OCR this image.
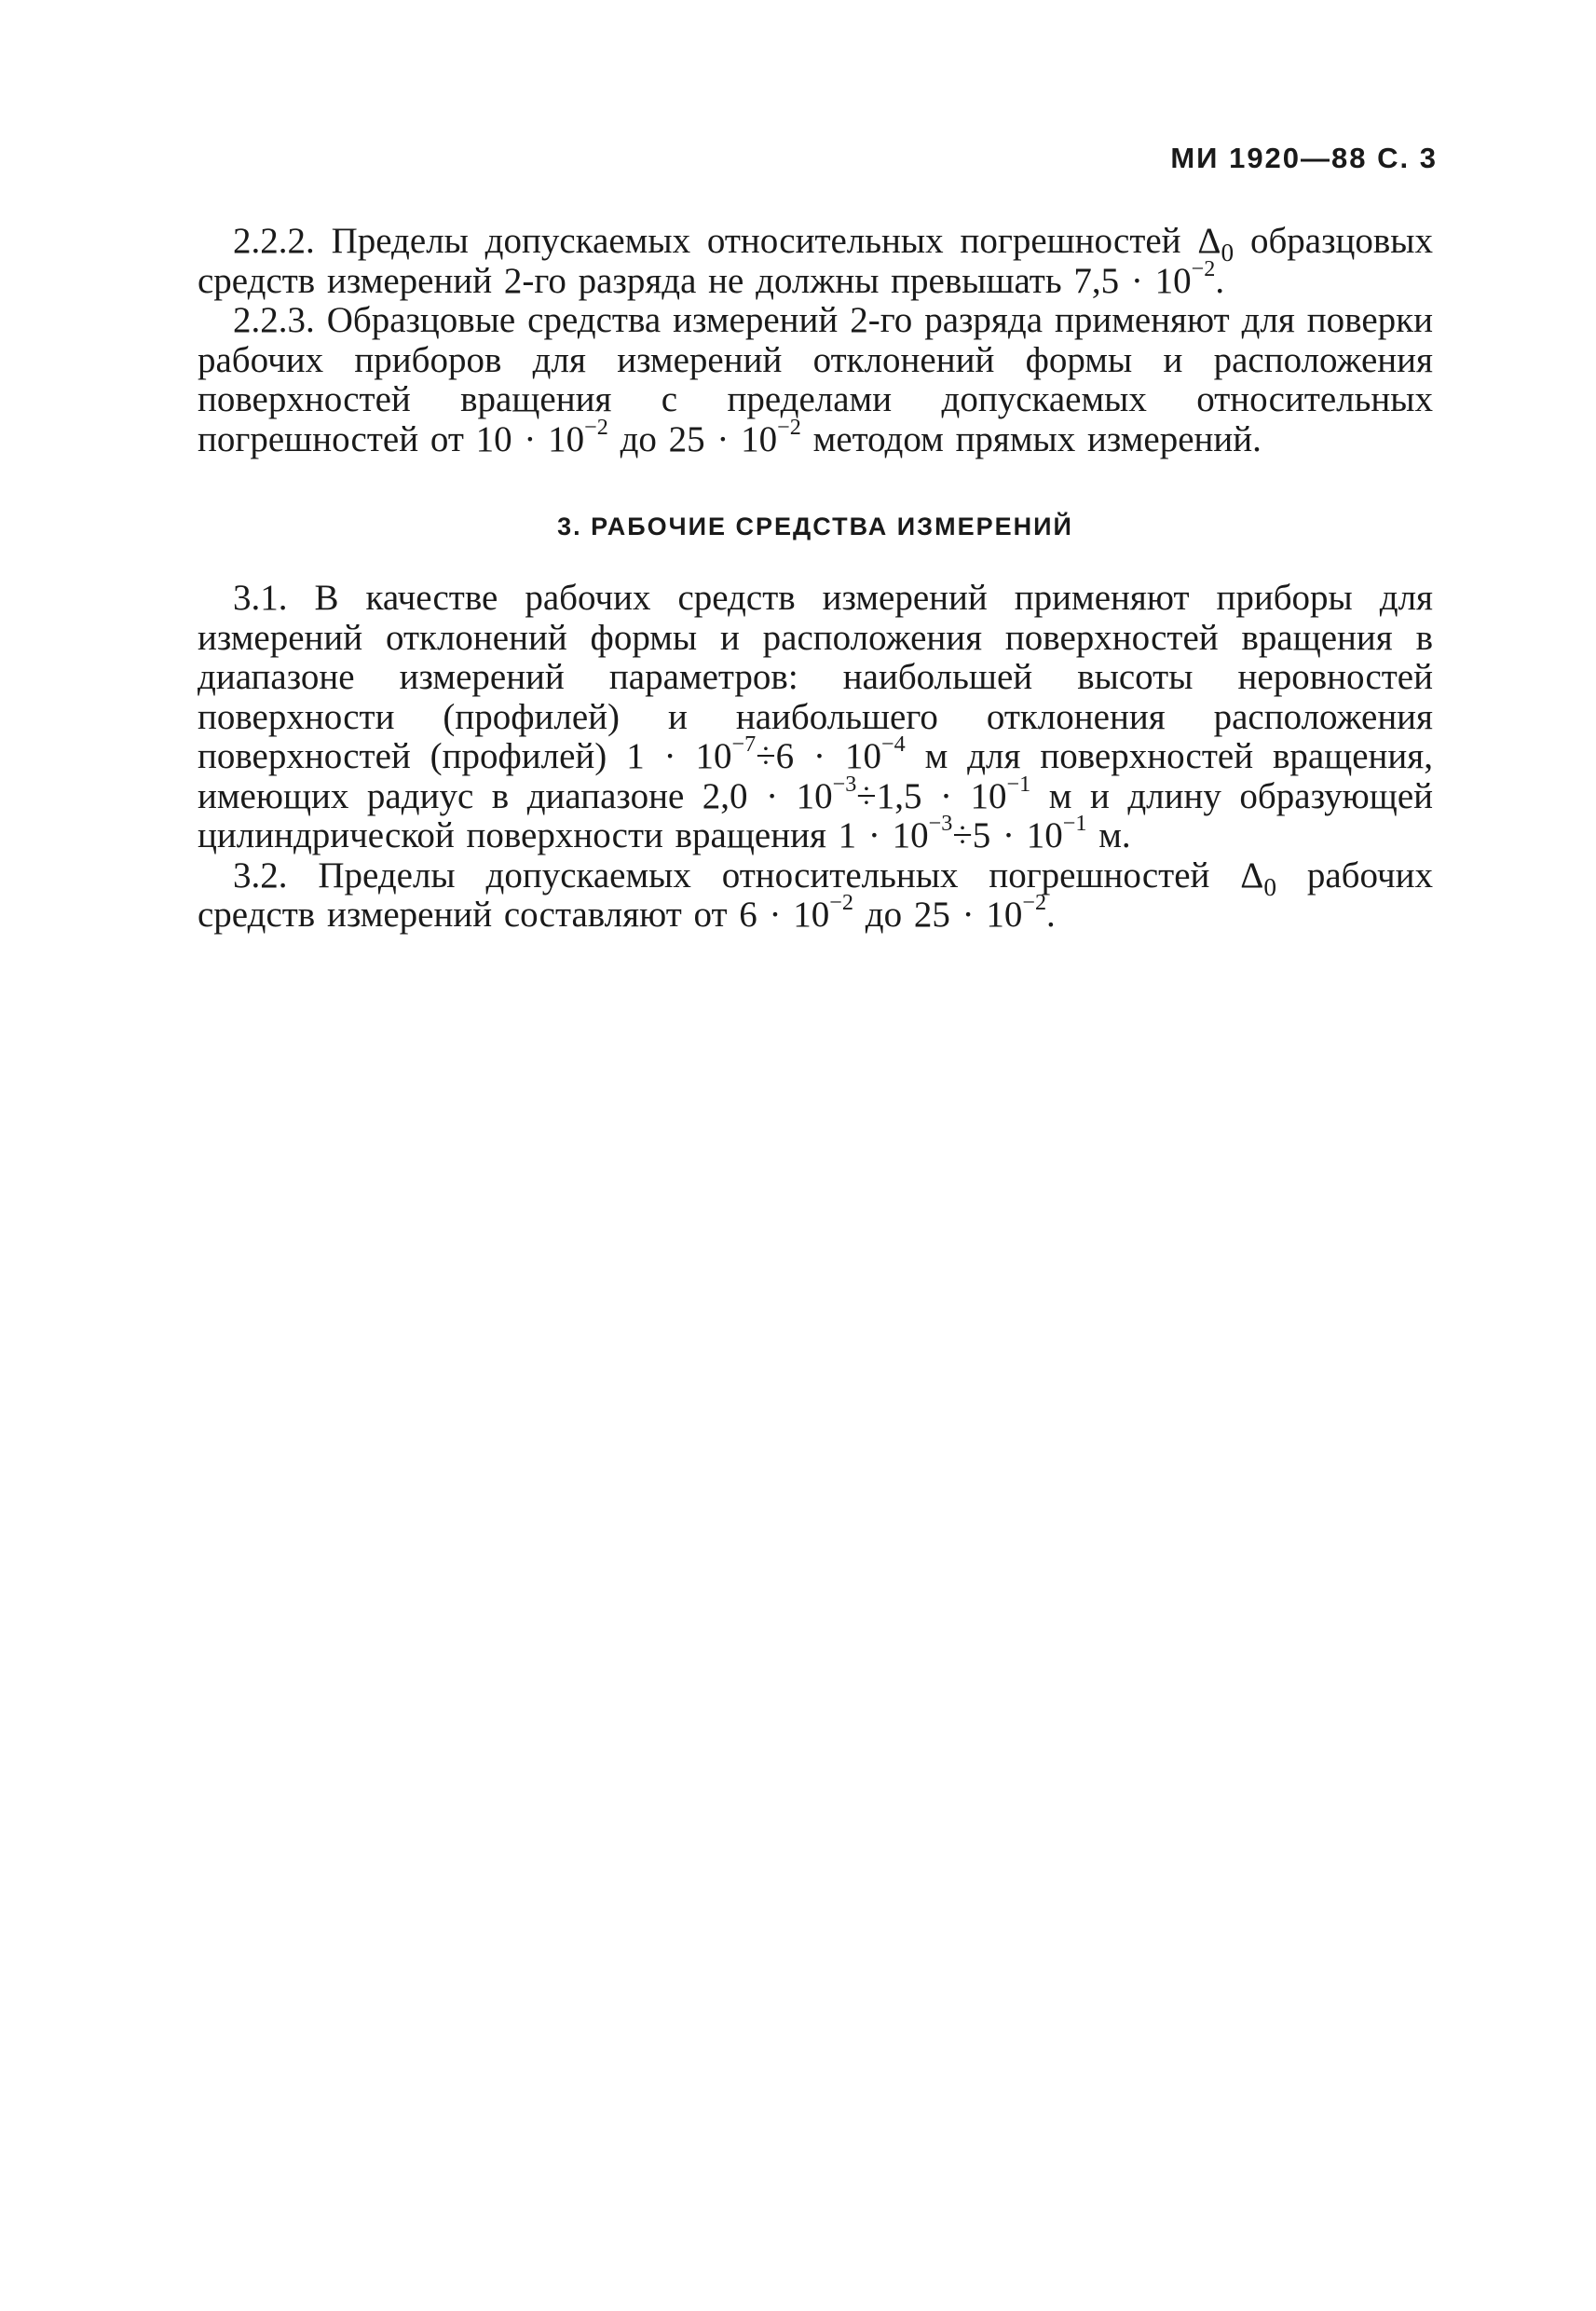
МИ 1920—88 С. 3

2.2.2. Пределы допускаемых относительных погрешностей $\Delta_0$ образцовых средств измерений 2-го разряда не должны превышать $7,5 \cdot 10^{-2}$.

2.2.3. Образцовые средства измерений 2-го разряда применяют для поверки рабочих приборов для измерений отклонений формы и расположения поверхностей вращения с пределами допускаемых относительных погрешностей от $10 \cdot 10^{-2}$ до $25 \cdot 10^{-2}$ методом прямых измерений.

3. РАБОЧИЕ СРЕДСТВА ИЗМЕРЕНИЙ

3.1. В качестве рабочих средств измерений применяют приборы для измерений отклонений формы и расположения поверхностей вращения в диапазоне измерений параметров: наибольшей высоты неровностей поверхности (профилей) и наибольшего отклонения расположения поверхностей (профилей) $1 \cdot 10^{-7}\div 6 \cdot 10^{-4}$ м для поверхностей вращения, имеющих радиус в диапазоне $2,0 \cdot 10^{-3}\div 1,5 \cdot 10^{-1}$ м и длину образующей цилиндрической поверхности вращения $1 \cdot 10^{-3}\div 5 \cdot 10^{-1}$ м.

3.2. Пределы допускаемых относительных погрешностей $\Delta_0$ рабочих средств измерений составляют от $6 \cdot 10^{-2}$ до $25 \cdot 10^{-2}$.
